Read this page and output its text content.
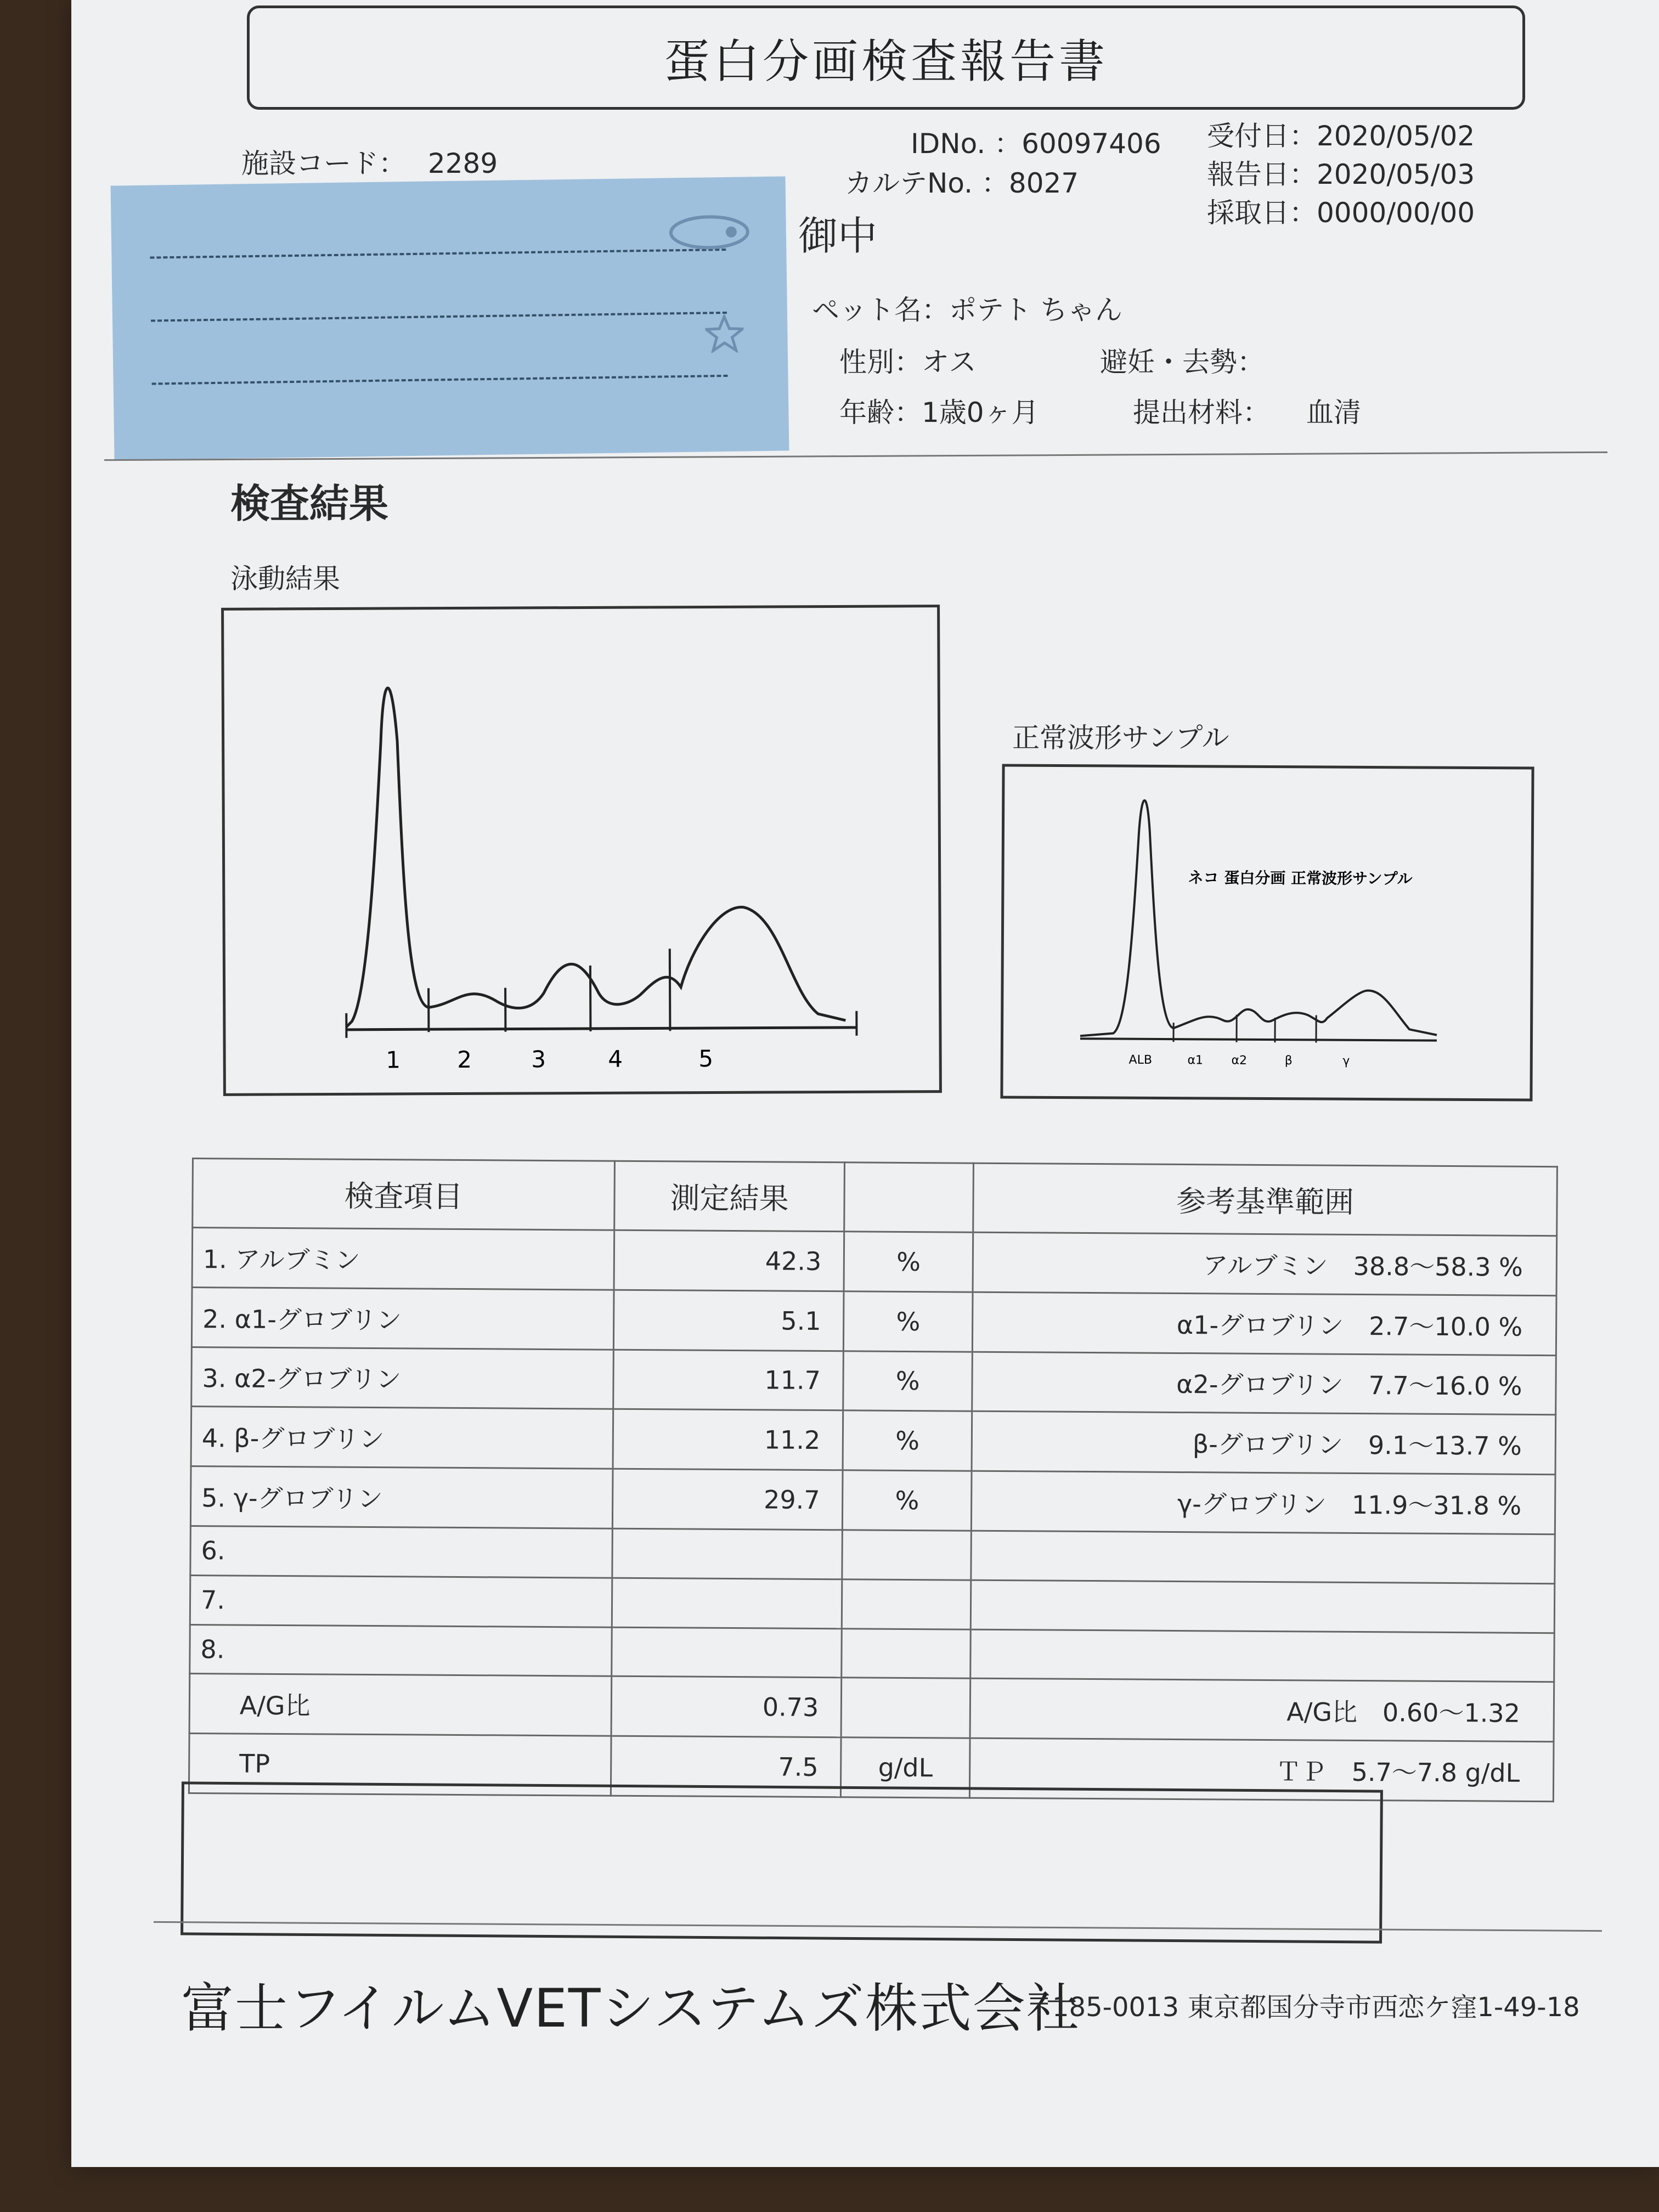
蛋白分画検査報告書
施設コード： 2289
IDNo. ：60097406
カルテNo. ：8027
受付日：2020/05/02
報告日：2020/05/03
採取日：0000/00/00
御中
ペット名：ポテト ちゃん
性別：オス	避妊・去勢：
年齢：1歳0ヶ月	提出材料： 血清
検査結果
泳動結果
1 2	3	4	5
正常波形サンプル
ネコ 蛋白分画 正常波形サンプル
ALB	α1 α2	β	γ
検査項目	測定結果		参考基準範囲
1. アルブミン	42.3	%	アルブミン　38.8～58.3 %
2. α1-グロブリン	5.1	%	α1-グロブリン　2.7～10.0 %
3. α2-グロブリン	11.7	%	α2-グロブリン　7.7～16.0 %
4. β-グロブリン	11.2	%	β-グロブリン　9.1～13.7 %
5. γ-グロブリン	29.7	%	γ-グロブリン　11.9～31.8 %
6.			
7.			
8.			
A/G比	0.73		A/G比　0.60～1.32
TP	7.5	g/dL	ＴＰ　5.7～7.8 g/dL
富士フイルムVETシステムズ株式会社
〒185-0013 東京都国分寺市西恋ケ窪1-49-18
